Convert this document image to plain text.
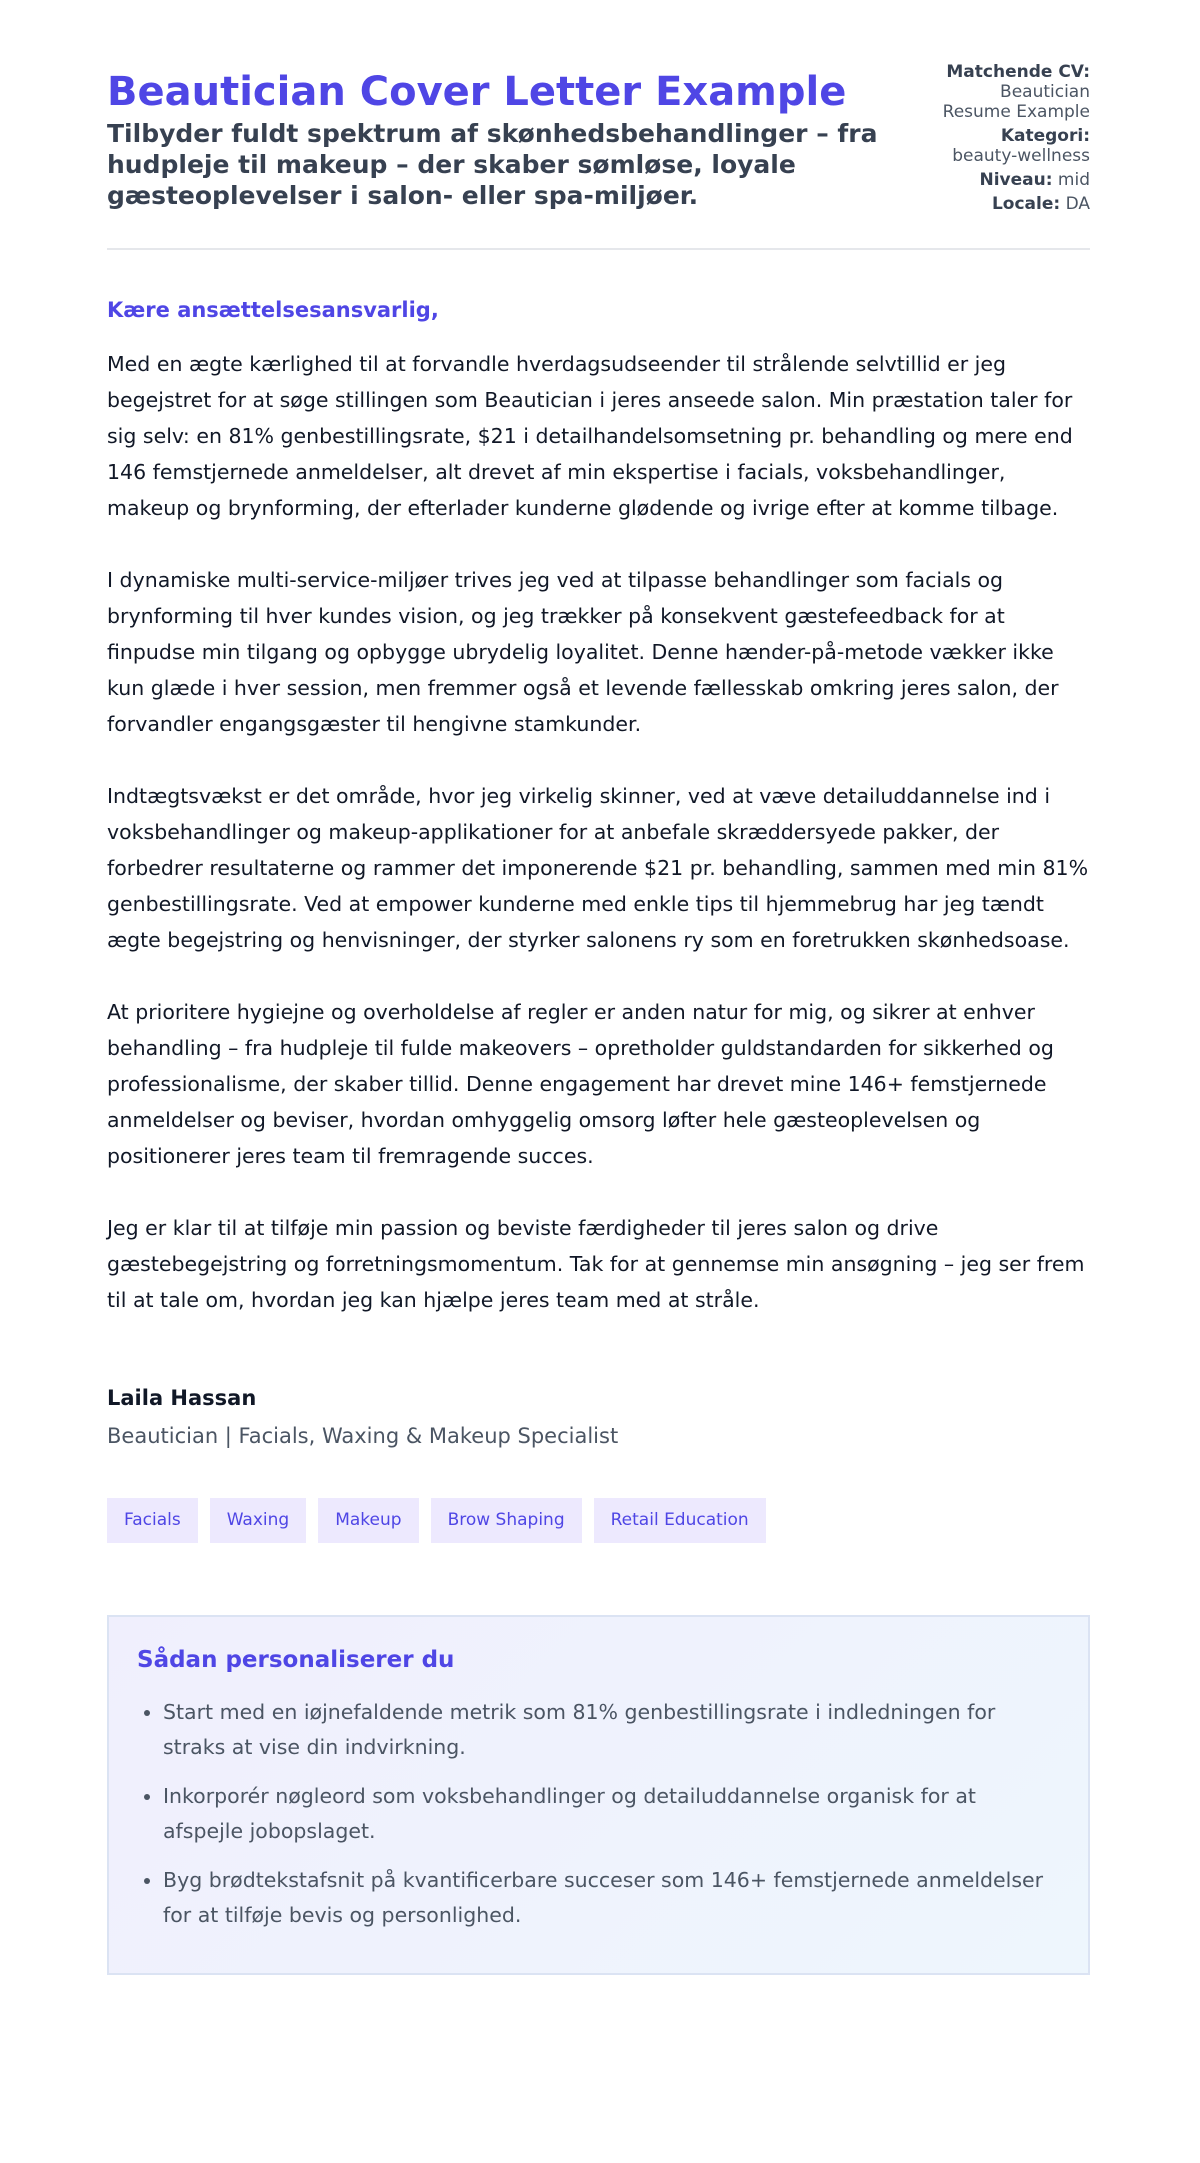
Beautician Cover Letter Example
Tilbyder fuldt spektrum af skønhedsbehandlinger – fra hudpleje til makeup – der skaber sømløse, loyale gæsteoplevelser i salon- eller spa-miljøer.
Matchende CV:
Beautician Resume Example
Kategori:
beauty-wellness
Niveau: mid
Locale: DA
Kære ansættelsesansvarlig,

Med en ægte kærlighed til at forvandle hverdagsudseender til strålende selvtillid er jeg begejstret for at søge stillingen som Beautician i jeres anseede salon. Min præstation taler for sig selv: en 81% genbestillingsrate, $21 i detailhandelsomsetning pr. behandling og mere end 146 femstjernede anmeldelser, alt drevet af min ekspertise i facials, voksbehandlinger, makeup og brynforming, der efterlader kunderne glødende og ivrige efter at komme tilbage.

I dynamiske multi-service-miljøer trives jeg ved at tilpasse behandlinger som facials og brynforming til hver kundes vision, og jeg trækker på konsekvent gæstefeedback for at finpudse min tilgang og opbygge ubrydelig loyalitet. Denne hænder-på-metode vækker ikke kun glæde i hver session, men fremmer også et levende fællesskab omkring jeres salon, der forvandler engangsgæster til hengivne stamkunder.

Indtægtsvækst er det område, hvor jeg virkelig skinner, ved at væve detailuddannelse ind i voksbehandlinger og makeup-applikationer for at anbefale skræddersyede pakker, der forbedrer resultaterne og rammer det imponerende $21 pr. behandling, sammen med min 81% genbestillingsrate. Ved at empower kunderne med enkle tips til hjemmebrug har jeg tændt ægte begejstring og henvisninger, der styrker salonens ry som en foretrukken skønhedsoase.

At prioritere hygiejne og overholdelse af regler er anden natur for mig, og sikrer at enhver behandling – fra hudpleje til fulde makeovers – opretholder guldstandarden for sikkerhed og professionalisme, der skaber tillid. Denne engagement har drevet mine 146+ femstjernede anmeldelser og beviser, hvordan omhyggelig omsorg løfter hele gæsteoplevelsen og positionerer jeres team til fremragende succes.

Jeg er klar til at tilføje min passion og beviste færdigheder til jeres salon og drive gæstebegejstring og forretningsmomentum. Tak for at gennemse min ansøgning – jeg ser frem til at tale om, hvordan jeg kan hjælpe jeres team med at stråle.

Laila Hassan
Beautician | Facials, Waxing & Makeup Specialist
Facials	Waxing	Makeup	Brow Shaping	Retail Education
Sådan personaliserer du
• Start med en iøjnefaldende metrik som 81% genbestillingsrate i indledningen for straks at vise din indvirkning.
• Inkorporér nøgleord som voksbehandlinger og detailuddannelse organisk for at afspejle jobopslaget.
• Byg brødtekstafsnit på kvantificerbare succeser som 146+ femstjernede anmeldelser for at tilføje bevis og personlighed.
